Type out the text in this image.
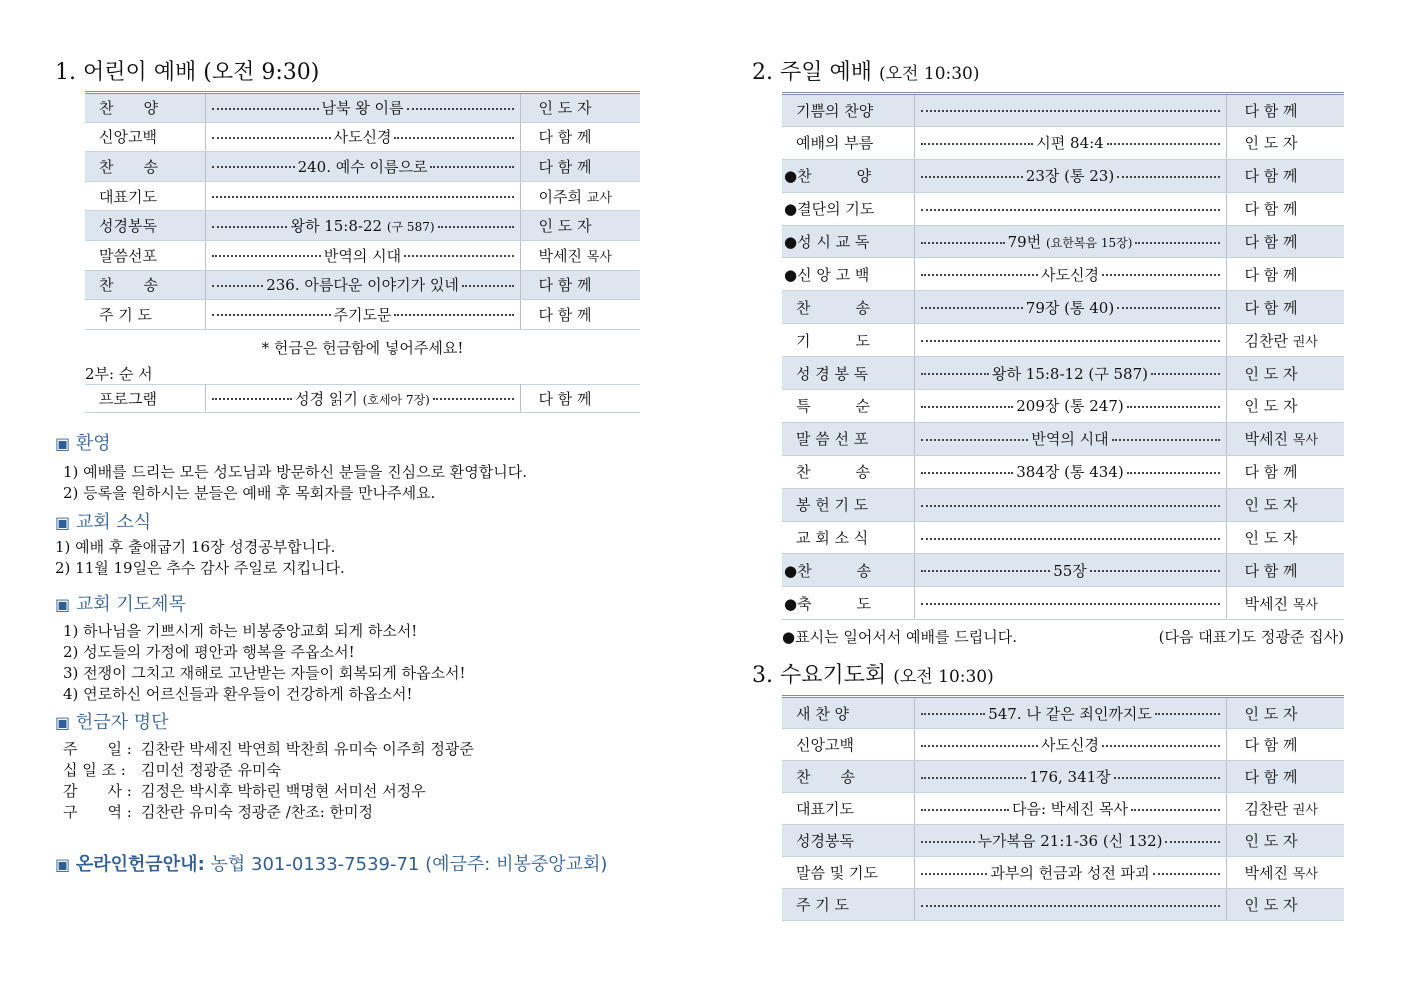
1. 어린이 예배 (오전 9:30)
찬　　양	남북 왕 이름	인 도 자
신앙고백	사도신경	다 함 께
찬　　송	240. 예수 이름으로	다 함 께
대표기도		이주희 교사
성경봉독	왕하 15:8-22 (구 587)	인 도 자
말씀선포	반역의 시대	박세진 목사
찬　　송	236. 아름다운 이야기가 있네	다 함 께
주 기 도	주기도문	다 함 께
* 헌금은 헌금함에 넣어주세요!
2부: 순 서
프로그램	성경 읽기 (호세아 7장)	다 함 께
▣ 환영
1) 예배를 드리는 모든 성도님과 방문하신 분들을 진심으로 환영합니다.
2) 등록을 원하시는 분들은 예배 후 목회자를 만나주세요.
▣ 교회 소식
1) 예배 후 출애굽기 16장 성경공부합니다.
2) 11월 19일은 추수 감사 주일로 지킵니다.
▣ 교회 기도제목
1) 하나님을 기쁘시게 하는 비봉중앙교회 되게 하소서!
2) 성도들의 가정에 평안과 행복을 주옵소서!
3) 전쟁이 그치고 재해로 고난받는 자들이 회복되게 하옵소서!
4) 연로하신 어르신들과 환우들이 건강하게 하옵소서!
▣ 헌금자 명단
주　　일 : 김찬란 박세진 박연희 박찬희 유미숙 이주희 정광준
십 일 조 : 김미선 정광준 유미숙
감　　사 : 김정은 박시후 박하린 백명현 서미선 서정우
구　　역 : 김찬란 유미숙 정광준 /찬조: 한미정
▣ 온라인헌금안내: 농협 301-0133-7539-71 (예금주: 비봉중앙교회)
2. 주일 예배 (오전 10:30)
기쁨의 찬양		다 함 께
예배의 부름	시편 84:4	인 도 자
●찬　　　양	23장 (통 23)	다 함 께
●결단의 기도		다 함 께
●성 시 교 독	79번 (요한복음 15장)	다 함 께
●신 앙 고 백	사도신경	다 함 께
찬　　　송	79장 (통 40)	다 함 께
기　　　도		김찬란 권사
성 경 봉 독	왕하 15:8-12 (구 587)	인 도 자
특　　　순	209장 (통 247)	인 도 자
말 씀 선 포	반역의 시대	박세진 목사
찬　　　송	384장 (통 434)	다 함 께
봉 헌 기 도		인 도 자
교 회 소 식		인 도 자
●찬　　　송	55장	다 함 께
●축　　　도		박세진 목사
●표시는 일어서서 예배를 드립니다.	(다음 대표기도 정광준 집사)
3. 수요기도회 (오전 10:30)
새 찬 양	547. 나 같은 죄인까지도	인 도 자
신앙고백	사도신경	다 함 께
찬　　송	176, 341장	다 함 께
대표기도	다음: 박세진 목사	김찬란 권사
성경봉독	누가복음 21:1-36 (신 132)	인 도 자
말씀 및 기도	과부의 헌금과 성전 파괴	박세진 목사
주 기 도		인 도 자
